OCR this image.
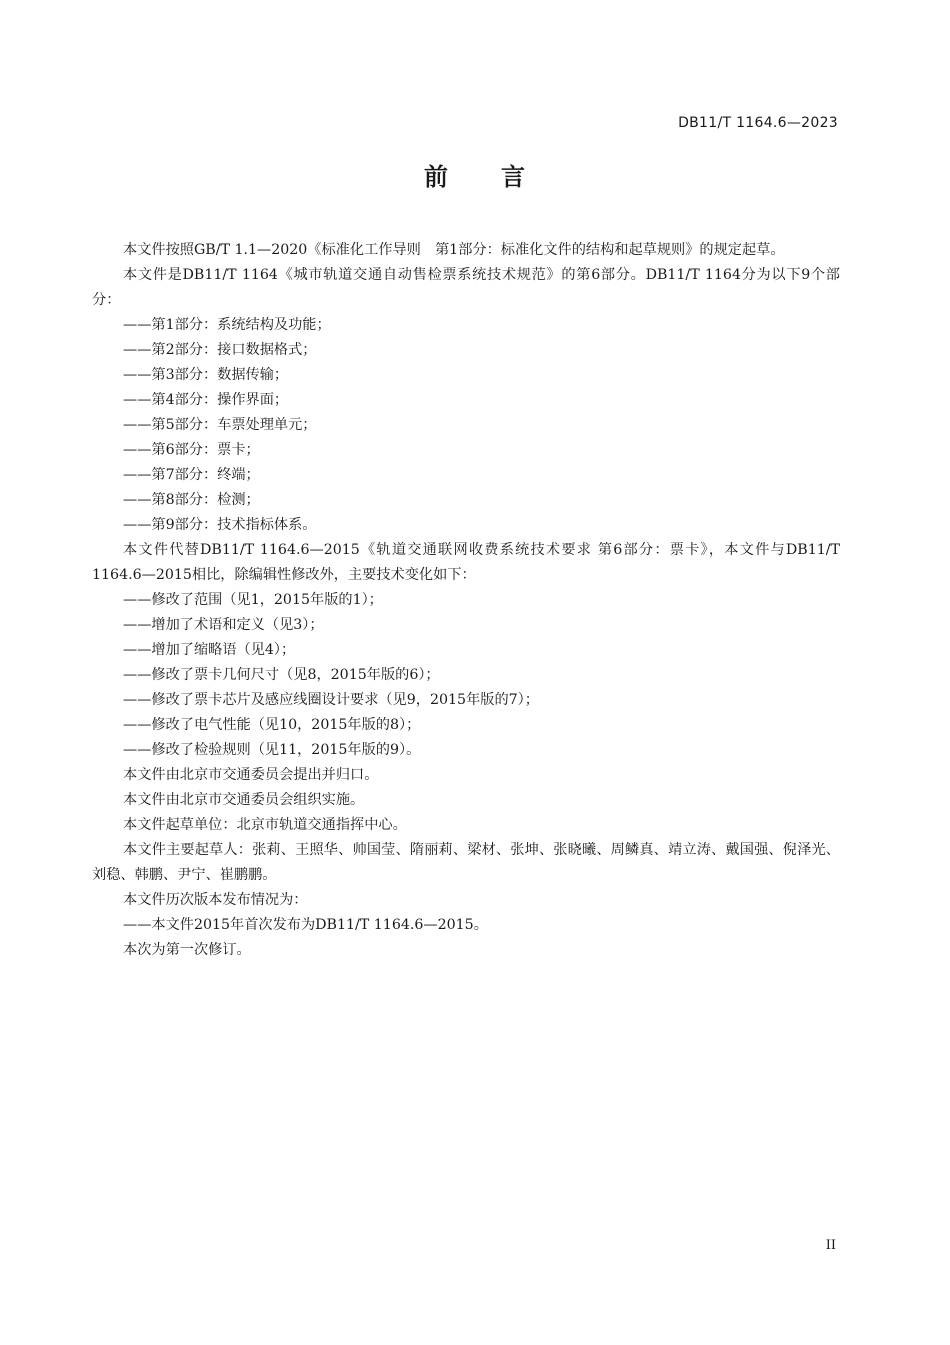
DB11/T 1164.6—2023
前 言

本文件按照GB/T 1.1—2020《标准化工作导则　第1部分：标准化文件的结构和起草规则》的规定起草。

本文件是DB11/T 1164《城市轨道交通自动售检票系统技术规范》的第6部分。DB11/T 1164分为以下9个部分：

——第1部分：系统结构及功能；

——第2部分：接口数据格式；

——第3部分：数据传输；

——第4部分：操作界面；

——第5部分：车票处理单元；

——第6部分：票卡；

——第7部分：终端；

——第8部分：检测；

——第9部分：技术指标体系。

本文件代替DB11/T 1164.6—2015《轨道交通联网收费系统技术要求 第6部分：票卡》，本文件与DB11/T 1164.6—2015相比，除编辑性修改外，主要技术变化如下：

——修改了范围（见1，2015年版的1）；

——增加了术语和定义（见3）；

——增加了缩略语（见4）；

——修改了票卡几何尺寸（见8，2015年版的6）；

——修改了票卡芯片及感应线圈设计要求（见9，2015年版的7）；

——修改了电气性能（见10，2015年版的8）；

——修改了检验规则（见11，2015年版的9）。

本文件由北京市交通委员会提出并归口。

本文件由北京市交通委员会组织实施。

本文件起草单位：北京市轨道交通指挥中心。

本文件主要起草人：张莉、王照华、帅国莹、隋丽莉、梁材、张坤、张晓曦、周鳞真、靖立涛、戴国强、倪泽光、刘稳、韩鹏、尹宁、崔鹏鹏。

本文件历次版本发布情况为：

——本文件2015年首次发布为DB11/T 1164.6—2015。

本次为第一次修订。

II
